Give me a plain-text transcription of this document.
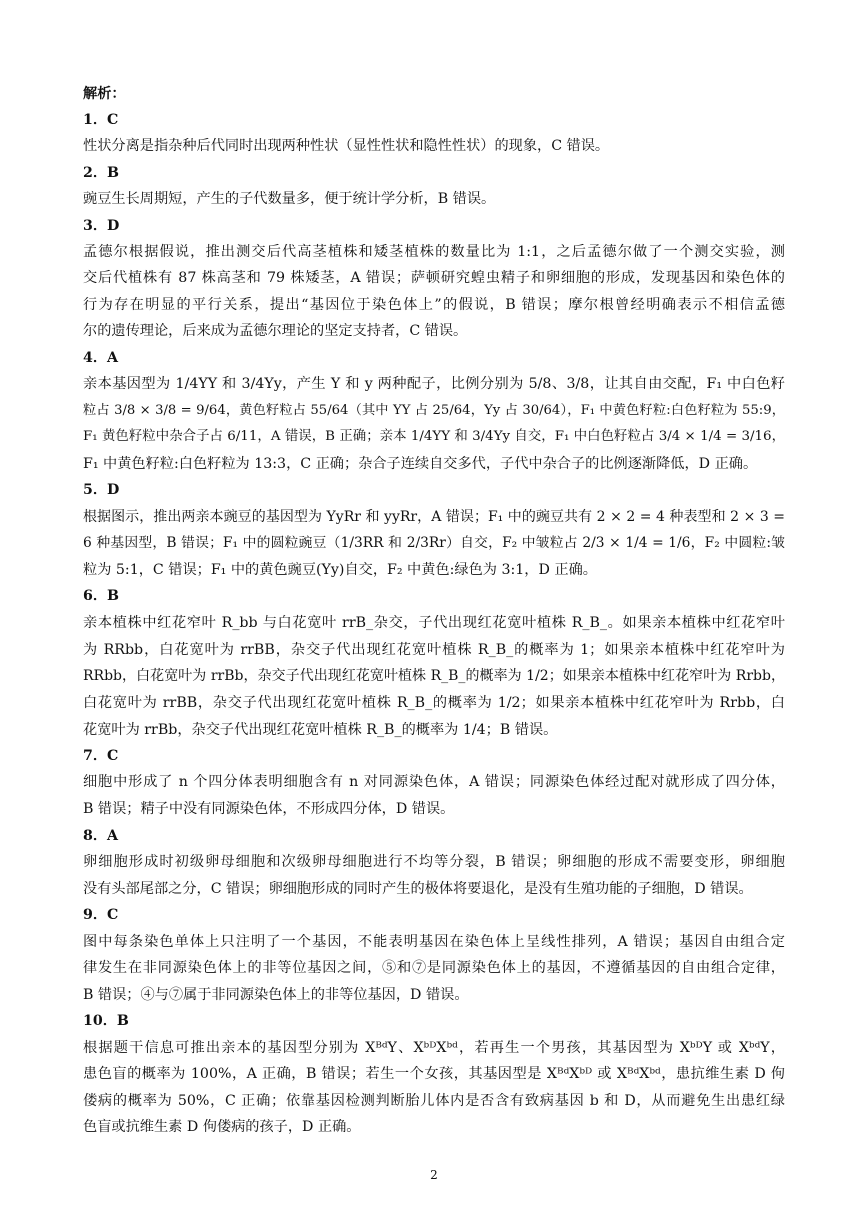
解析：
1．C
性状分离是指杂种后代同时出现两种性状（显性性状和隐性性状）的现象，C 错误。
2．B
豌豆生长周期短，产生的子代数量多，便于统计学分析，B 错误。
3．D
孟德尔根据假说，推出测交后代高茎植株和矮茎植株的数量比为 1:1，之后孟德尔做了一个测交实验，测
交后代植株有 87 株高茎和 79 株矮茎，A 错误；萨顿研究蝗虫精子和卵细胞的形成，发现基因和染色体的
行为存在明显的平行关系，提出“基因位于染色体上”的假说，B 错误；摩尔根曾经明确表示不相信孟德
尔的遗传理论，后来成为孟德尔理论的坚定支持者，C 错误。
4．A
亲本基因型为 1/4YY 和 3/4Yy，产生 Y 和 y 两种配子，比例分别为 5/8、3/8，让其自由交配，F₁ 中白色籽
粒占 3/8 × 3/8 = 9/64，黄色籽粒占 55/64（其中 YY 占 25/64，Yy 占 30/64），F₁ 中黄色籽粒:白色籽粒为 55:9，
F₁ 黄色籽粒中杂合子占 6/11，A 错误，B 正确；亲本 1/4YY 和 3/4Yy 自交，F₁ 中白色籽粒占 3/4 × 1/4 = 3/16，
F₁ 中黄色籽粒:白色籽粒为 13:3，C 正确；杂合子连续自交多代，子代中杂合子的比例逐渐降低，D 正确。
5．D
根据图示，推出两亲本豌豆的基因型为 YyRr 和 yyRr，A 错误；F₁ 中的豌豆共有 2 × 2 = 4 种表型和 2 × 3 =
6 种基因型，B 错误；F₁ 中的圆粒豌豆（1/3RR 和 2/3Rr）自交，F₂ 中皱粒占 2/3 × 1/4 = 1/6，F₂ 中圆粒:皱
粒为 5:1，C 错误；F₁ 中的黄色豌豆(Yy)自交，F₂ 中黄色:绿色为 3:1，D 正确。
6．B
亲本植株中红花窄叶 R_bb 与白花宽叶 rrB_杂交，子代出现红花宽叶植株 R_B_。如果亲本植株中红花窄叶
为 RRbb，白花宽叶为 rrBB，杂交子代出现红花宽叶植株 R_B_的概率为 1；如果亲本植株中红花窄叶为
RRbb，白花宽叶为 rrBb，杂交子代出现红花宽叶植株 R_B_的概率为 1/2；如果亲本植株中红花窄叶为 Rrbb，
白花宽叶为 rrBB，杂交子代出现红花宽叶植株 R_B_的概率为 1/2；如果亲本植株中红花窄叶为 Rrbb，白
花宽叶为 rrBb，杂交子代出现红花宽叶植株 R_B_的概率为 1/4；B 错误。
7．C
细胞中形成了 n 个四分体表明细胞含有 n 对同源染色体，A 错误；同源染色体经过配对就形成了四分体，
B 错误；精子中没有同源染色体，不形成四分体，D 错误。
8．A
卵细胞形成时初级卵母细胞和次级卵母细胞进行不均等分裂，B 错误；卵细胞的形成不需要变形，卵细胞
没有头部尾部之分，C 错误；卵细胞形成的同时产生的极体将要退化，是没有生殖功能的子细胞，D 错误。
9．C
图中每条染色单体上只注明了一个基因，不能表明基因在染色体上呈线性排列，A 错误；基因自由组合定
律发生在非同源染色体上的非等位基因之间，⑤和⑦是同源染色体上的基因，不遵循基因的自由组合定律，
B 错误；④与⑦属于非同源染色体上的非等位基因，D 错误。
10．B
根据题干信息可推出亲本的基因型分别为 XᴮᵈY、XᵇᴰXᵇᵈ，若再生一个男孩，其基因型为 XᵇᴰY 或 XᵇᵈY，
患色盲的概率为 100%，A 正确，B 错误；若生一个女孩，其基因型是 XᴮᵈXᵇᴰ 或 XᴮᵈXᵇᵈ，患抗维生素 D 佝
偻病的概率为 50%，C 正确；依靠基因检测判断胎儿体内是否含有致病基因 b 和 D，从而避免生出患红绿
色盲或抗维生素 D 佝偻病的孩子，D 正确。
2
